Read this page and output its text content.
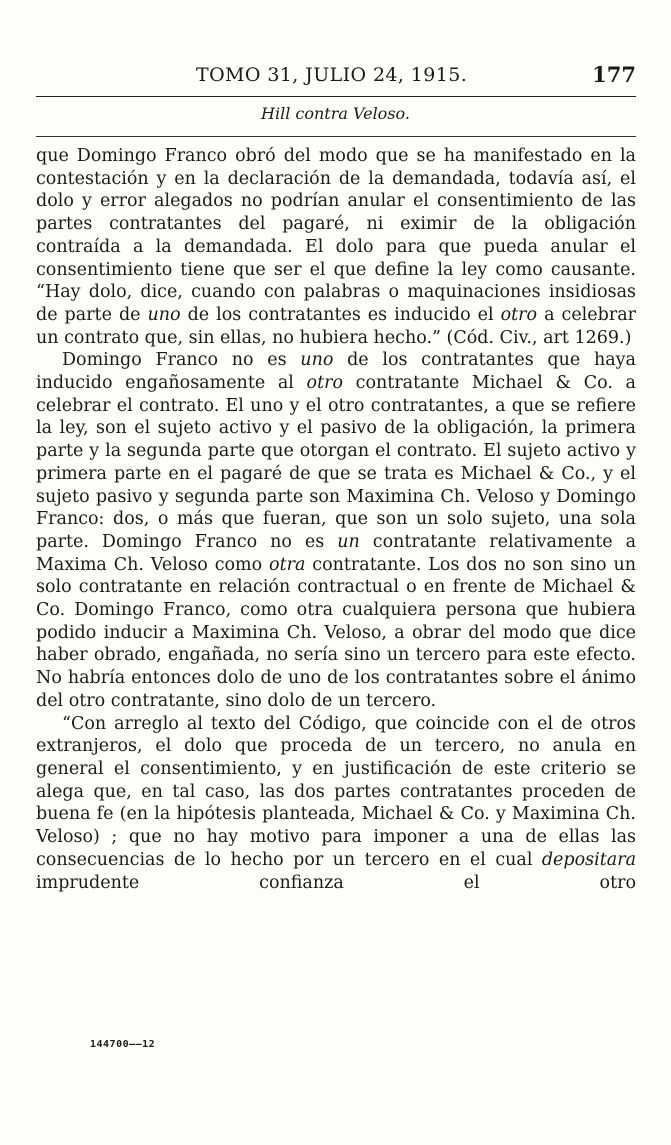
TOMO 31, JULIO 24, 1915.	177
Hill contra Veloso.

que Domingo Franco obró del modo que se ha manifestado en la contestación y en la declaración de la demandada, todavía así, el dolo y error alegados no podrían anular el consentimiento de las partes contratantes del pagaré, ni eximir de la obligación contraída a la demandada. El dolo para que pueda anular el consentimiento tiene que ser el que define la ley como causante. “Hay dolo, dice, cuando con palabras o maquinaciones insidiosas de parte de uno de los contratantes es inducido el otro a celebrar un contrato que, sin ellas, no hubiera hecho.” (Cód. Civ., art 1269.)

Domingo Franco no es uno de los contratantes que haya inducido engañosamente al otro contratante Michael & Co. a celebrar el contrato. El uno y el otro contratantes, a que se refiere la ley, son el sujeto activo y el pasivo de la obligación, la primera parte y la segunda parte que otorgan el contrato. El sujeto activo y primera parte en el pagaré de que se trata es Michael & Co., y el sujeto pasivo y segunda parte son Maximina Ch. Veloso y Domingo Franco: dos, o más que fueran, que son un solo sujeto, una sola parte. Domingo Franco no es un contratante relativamente a Maxima Ch. Veloso como otra contratante. Los dos no son sino un solo contratante en relación contractual o en frente de Michael & Co. Domingo Franco, como otra cualquiera persona que hubiera podido inducir a Maximina Ch. Veloso, a obrar del modo que dice haber obrado, engañada, no sería sino un tercero para este efecto. No habría entonces dolo de uno de los contratantes sobre el ánimo del otro contratante, sino dolo de un tercero.

“Con arreglo al texto del Código, que coincide con el de otros extranjeros, el dolo que proceda de un tercero, no anula en general el consentimiento, y en justificación de este criterio se alega que, en tal caso, las dos partes contratantes proceden de buena fe (en la hipótesis planteada, Michael & Co. y Maximina Ch. Veloso) ; que no hay motivo para imponer a una de ellas las consecuencias de lo hecho por un tercero en el cual depositara imprudente confianza el otro

144700——12
